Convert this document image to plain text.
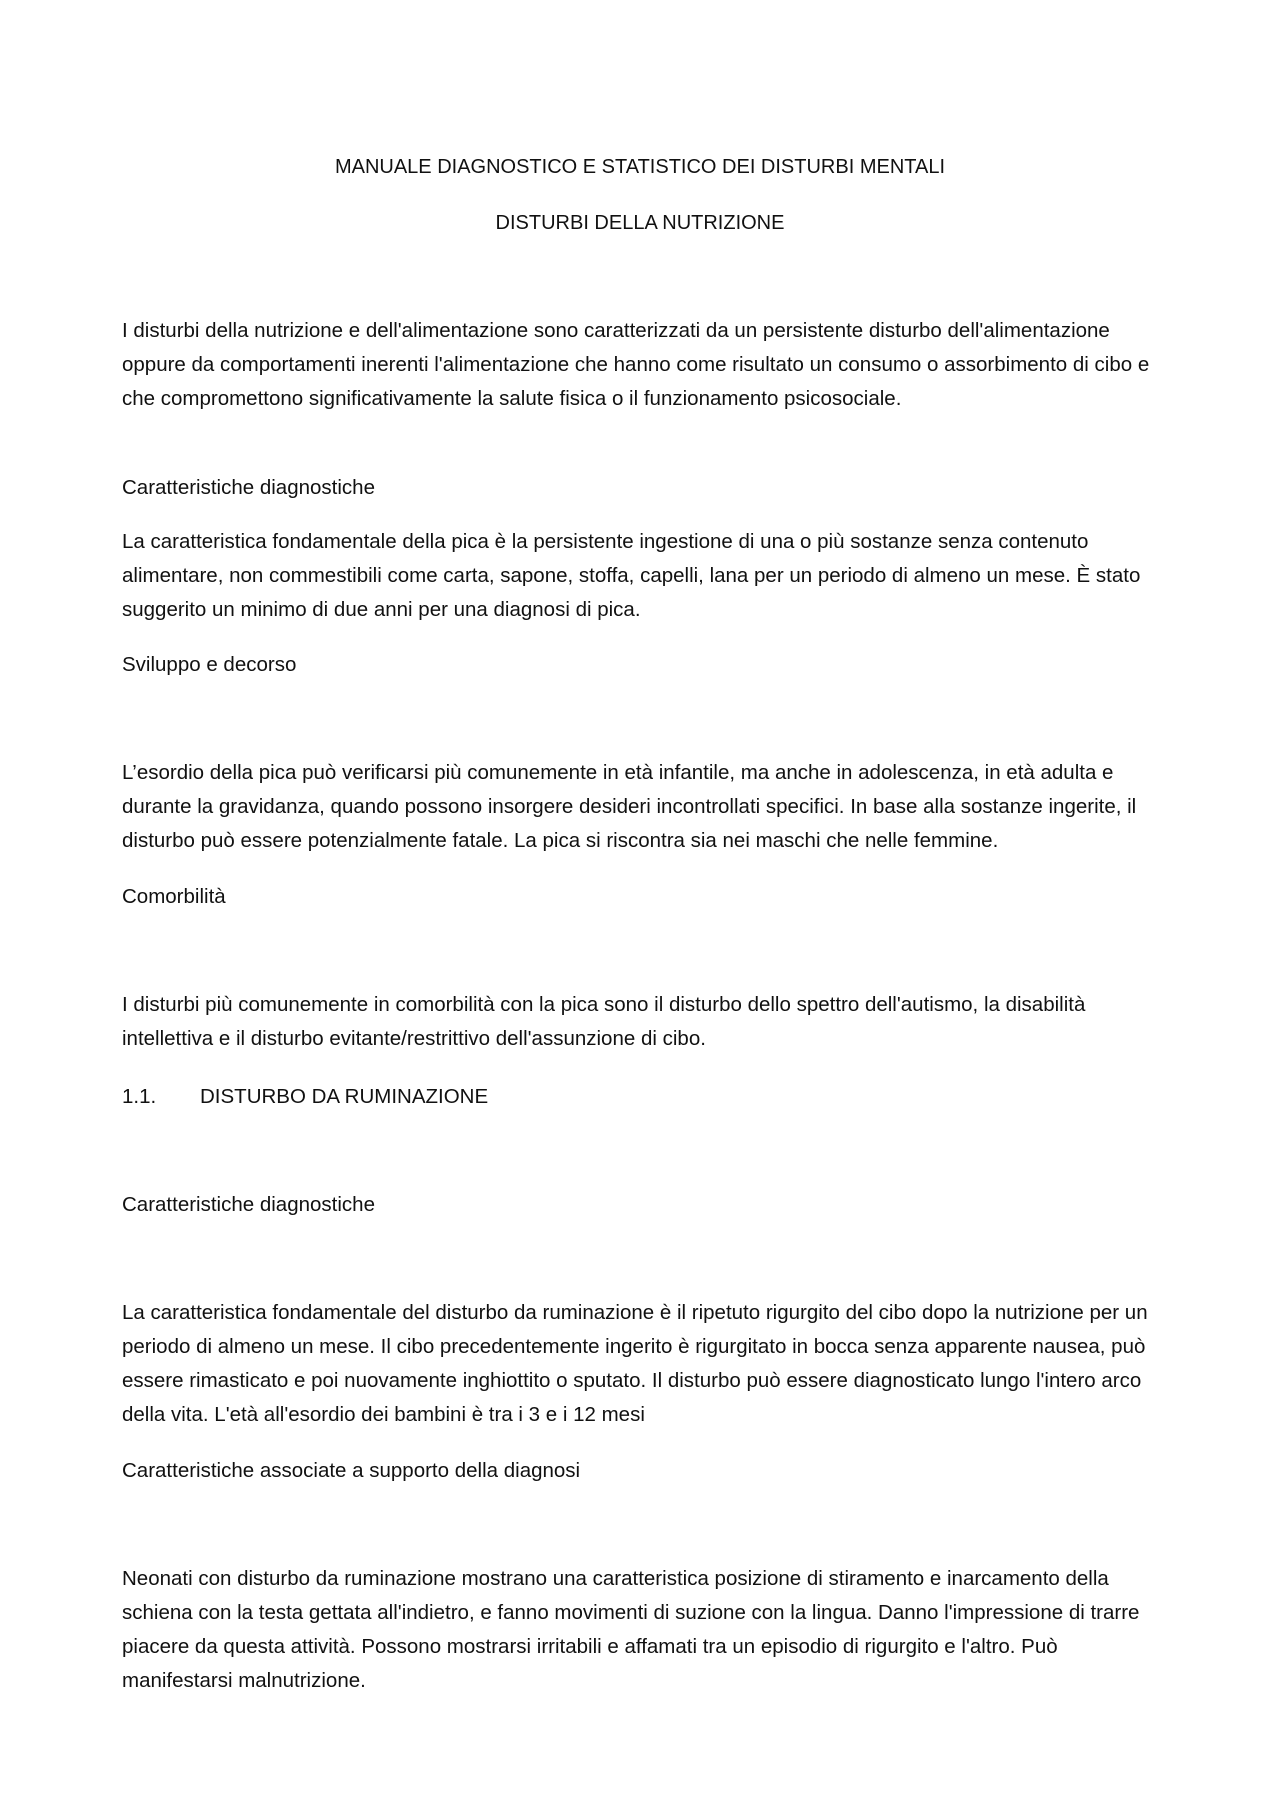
MANUALE DIAGNOSTICO E STATISTICO DEI DISTURBI MENTALI
DISTURBI DELLA NUTRIZIONE

I disturbi della nutrizione e dell'alimentazione sono caratterizzati da un persistente disturbo dell'alimentazione oppure da comportamenti inerenti l'alimentazione che hanno come risultato un consumo o assorbimento di cibo e che compromettono significativamente la salute fisica o il funzionamento psicosociale.

Caratteristiche diagnostiche

La caratteristica fondamentale della pica è la persistente ingestione di una o più sostanze senza contenuto alimentare, non commestibili come carta, sapone, stoffa, capelli, lana per un periodo di almeno un mese. È stato suggerito un minimo di due anni per una diagnosi di pica.

Sviluppo e decorso

L’esordio della pica può verificarsi più comunemente in età infantile, ma anche in adolescenza, in età adulta e durante la gravidanza, quando possono insorgere desideri incontrollati specifici. In base alla sostanze ingerite, il disturbo può essere potenzialmente fatale. La pica si riscontra sia nei maschi che nelle femmine.

Comorbilità

I disturbi più comunemente in comorbilità con la pica sono il disturbo dello spettro dell'autismo, la disabilità intellettiva e il disturbo evitante/restrittivo dell'assunzione di cibo.

1.1. DISTURBO DA RUMINAZIONE
Caratteristiche diagnostiche

La caratteristica fondamentale del disturbo da ruminazione è il ripetuto rigurgito del cibo dopo la nutrizione per un periodo di almeno un mese. Il cibo precedentemente ingerito è rigurgitato in bocca senza apparente nausea, può essere rimasticato e poi nuovamente inghiottito o sputato. Il disturbo può essere diagnosticato lungo l'intero arco della vita. L'età all'esordio dei bambini è tra i 3 e i 12 mesi

Caratteristiche associate a supporto della diagnosi

Neonati con disturbo da ruminazione mostrano una caratteristica posizione di stiramento e inarcamento della schiena con la testa gettata all'indietro, e fanno movimenti di suzione con la lingua. Danno l'impressione di trarre piacere da questa attività. Possono mostrarsi irritabili e affamati tra un episodio di rigurgito e l'altro. Può manifestarsi malnutrizione.
